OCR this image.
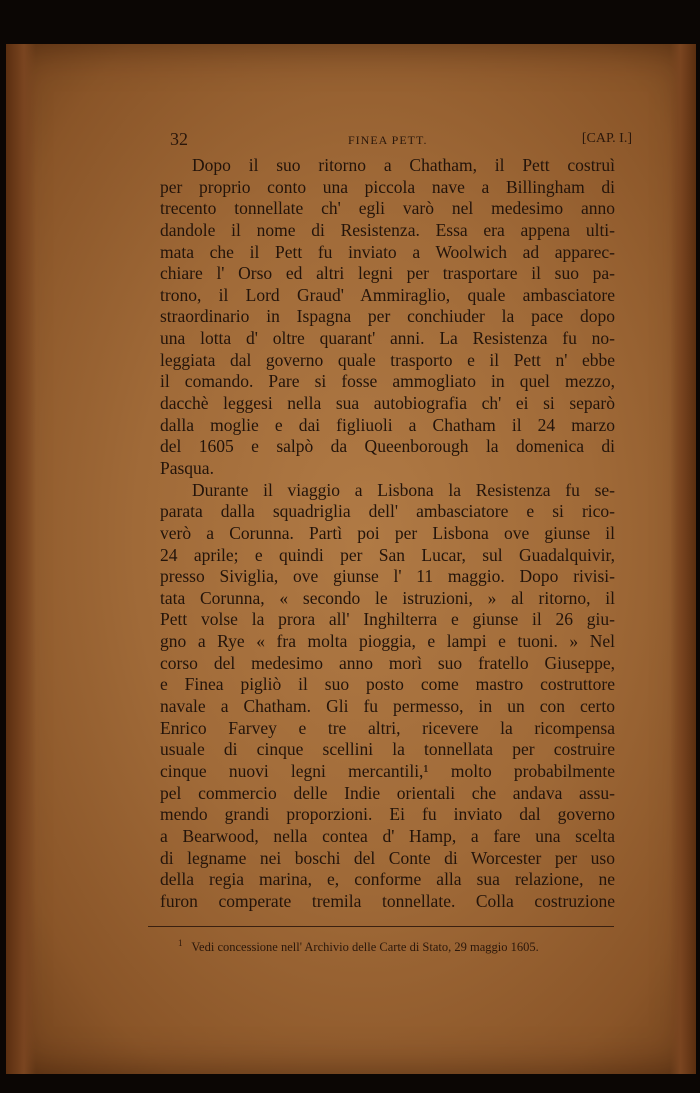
32	FINEA PETT.	[CAP. I.]
Dopo il suo ritorno a Chatham, il Pett costruì
per proprio conto una piccola nave a Billingham di
trecento tonnellate ch' egli varò nel medesimo anno
dandole il nome di Resistenza. Essa era appena ulti-
mata che il Pett fu inviato a Woolwich ad apparec-
chiare l' Orso ed altri legni per trasportare il suo pa-
trono, il Lord Graud' Ammiraglio, quale ambasciatore
straordinario in Ispagna per conchiuder la pace dopo
una lotta d' oltre quarant' anni. La Resistenza fu no-
leggiata dal governo quale trasporto e il Pett n' ebbe
il comando. Pare si fosse ammogliato in quel mezzo,
dacchè leggesi nella sua autobiografia ch' ei si separò
dalla moglie e dai figliuoli a Chatham il 24 marzo
del 1605 e salpò da Queenborough la domenica di
Pasqua.
Durante il viaggio a Lisbona la Resistenza fu se-
parata dalla squadriglia dell' ambasciatore e si rico-
verò a Corunna. Partì poi per Lisbona ove giunse il
24 aprile; e quindi per San Lucar, sul Guadalquivir,
presso Siviglia, ove giunse l' 11 maggio. Dopo rivisi-
tata Corunna, « secondo le istruzioni, » al ritorno, il
Pett volse la prora all' Inghilterra e giunse il 26 giu-
gno a Rye « fra molta pioggia, e lampi e tuoni. » Nel
corso del medesimo anno morì suo fratello Giuseppe,
e Finea pigliò il suo posto come mastro costruttore
navale a Chatham. Gli fu permesso, in un con certo
Enrico Farvey e tre altri, ricevere la ricompensa
usuale di cinque scellini la tonnellata per costruire
cinque nuovi legni mercantili,¹ molto probabilmente
pel commercio delle Indie orientali che andava assu-
mendo grandi proporzioni. Ei fu inviato dal governo
a Bearwood, nella contea d' Hamp, a fare una scelta
di legname nei boschi del Conte di Worcester per uso
della regia marina, e, conforme alla sua relazione, ne
furon comperate tremila tonnellate. Colla costruzione
$^1$ Vedi concessione nell' Archivio delle Carte di Stato, 29 maggio 1605.
